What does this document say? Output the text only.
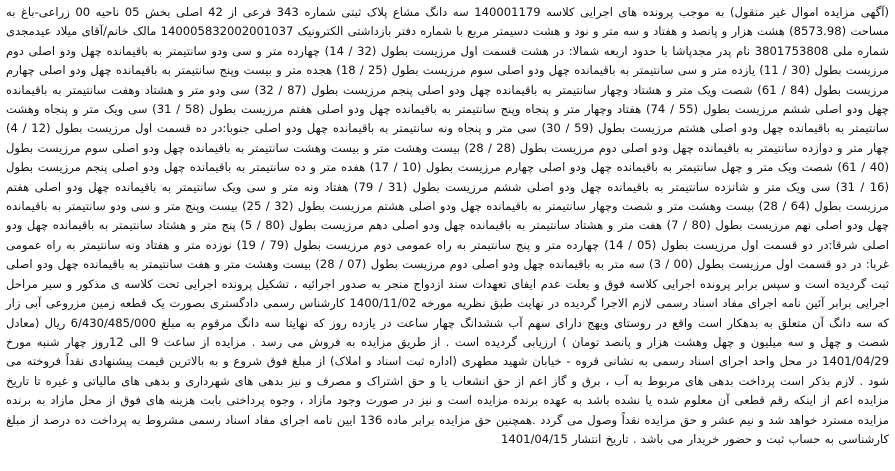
(آگهی مزایده اموال غیر منقول) به موجب پرونده های اجرایی کلاسه 140001179 سه دانگ مشاع پلاک ثبتی شماره 343 فرعی از 42 اصلی بخش 05 ناحیه 00 زراعی-باغ به مساحت (8573.98) هشت هزار و پانصد و هفتاد و سه متر و نود و هشت دسیمتر مربع با شماره دفتر بازداشتی الکترونیک 140005832002001037 مالک خانم/آقای میلاد عیدمجدی شماره ملی 3801753808 نام پدر مجدپاشا با حدود اربعه شمالا: در هشت قسمت اول مرزیست بطول (32 / 14) چهارده متر و سی ودو سانتیمتر به باقیمانده چهل ودو اصلی دوم مرزیست بطول (30 / 11) یازده متر و سی سانتیمتر به باقیمانده چهل ودو اصلی سوم مرزیست بطول (25 / 18) هجده متر و بیست وپنج سانتیمتر به باقیمانده چهل ودو اصلی چهارم مرزیست بطول (84 / 61) شصت ویک متر و هشتاد وچهار سانتیمتر به باقیمانده چهل ودو اصلی پنجم مرزیست بطول (87 / 32) سی ودو متر و هشتاد وهفت سانتیمتر به باقیمانده چهل ودو اصلی ششم مرزیست بطول (55 / 74) هفتاد وچهار متر و پنجاه وپنج سانتیمتر به باقیمانده چهل ودو اصلی هفتم مرزیست بطول (58 / 31) سی ویک متر و پنجاه وهشت سانتیمتر به باقیمانده چهل ودو اصلی هشتم مرزیست بطول (59 / 30) سی متر و پنجاه ونه سانتیمتر به باقیمانده چهل ودو اصلی جنوبا:در ده قسمت اول مرزیست بطول (12 / 4) چهار متر و دوازده سانتیمتر به باقیمانده چهل ودو اصلی دوم مرزیست بطول (28 / 28) بیست وهشت متر و بیست وهشت سانتیمتر به باقیمانده چهل ودو اصلی سوم مرزیست بطول (40 / 61) شصت ویک متر و چهل سانتیمتر به باقیمانده چهل ودو اصلی چهارم مرزیست بطول (10 / 17) هفده متر و ده سانتیمتر به باقیمانده چهل ودو اصلی پنجم مرزیست بطول (16 / 31) سی ویک متر و شانزده سانتیمتر به باقیمانده چهل ودو اصلی ششم مرزیست بطول (31 / 79) هفتاد ونه متر و سی ویک سانتیمتر به باقیمانده چهل ودو اصلی هفتم مرزیست بطول (64 / 28) بیست وهشت متر و شصت وچهار سانتیمتر به باقیمانده چهل ودو اصلی هشتم مرزیست بطول (32 / 25) بیست وپنج متر و سی ودو سانتیمتر به باقیمانده چهل ودو اصلی نهم مرزیست بطول (80 / 7) هفت متر و هشتاد سانتیمتر به باقیمانده چهل ودو اصلی دهم مرزیست بطول (80 / 5) پنج متر و هشتاد سانتیمتر به باقیمانده چهل ودو اصلی شرقا:در دو قسمت اول مرزیست بطول (05 / 14) چهارده متر و پنج سانتیمتر به راه عمومی دوم مرزیست بطول (79 / 19) نوزده متر و هفتاد ونه سانتیمتر به راه عمومی غربا: در دو قسمت اول مرزیست بطول (00 / 3) سه متر به باقیمانده چهل ودو اصلی دوم مرزیست بطول (07 / 28) بیست وهشت متر و هفت سانتیمتر به باقیمانده چهل ودو اصلی ثبت گردیده است و سپس برابر پرونده اجرایی کلاسه فوق و بعلت عدم ایفای تعهدات سند ازدواج منجر به صدور اجرائیه ، تشکیل پرونده اجرایی تحت کلاسه ی مذکور و سیر مراحل اجرایی برابر آئین نامه اجرای مفاد اسناد رسمی لازم الاجرا گردیده در نهایت طبق نظریه مورخه 1400/11/02 کارشناس رسمی دادگستری بصورت یک قطعه زمین مزروعی آبی زار که سه دانگ آن متعلق به بدهکار است واقع در روستای ویهج دارای سهم آب ششدانگ چهار ساعت در یازده روز که نهایتا سه دانگ مرقوم به مبلغ 6/430/485/000 ریال (معادل شصت و چهل و سه میلیون و چهل وهشت هزار و پانصد تومان ) ارزیابی گردیده است . از طریق مزایده به فروش می رسد . مزایده از ساعت 9 الی 12روز چهار شنبه مورخ 1401/04/29 در محل واحد اجرای اسناد رسمی به نشانی قروه - خیابان شهید مطهری (اداره ثبت اسناد و املاک) از مبلغ فوق شروع و به بالاترین قیمت پیشنهادی نقداً فروخته می شود . لازم بذکر است پرداخت بدهی های مربوط به آب ، برق و گاز اعم از حق انشعاب یا و حق اشتراک و مصرف و نیز بدهی های شهرداری و بدهی های مالیاتی و غیره تا تاریخ مزایده اعم از اینکه رقم قطعی آن معلوم شده یا نشده باشد به عهده برنده مزایده است و نیز در صورت وجود مازاد ، وجوه پرداختی بابت هزینه های فوق از محل مازاد به برنده مزایده مسترد خواهد شد و نیم عشر و حق مزایده نقداً وصول می گردد .همچنین حق مزایده برابر ماده 136 ایین نامه اجرای مفاد اسناد رسمی مشروط به پرداخت ده درصد از مبلغ کارشناسی به حساب ثبت و حضور خریدار می باشد . تاریخ انتشار 1401/04/15
